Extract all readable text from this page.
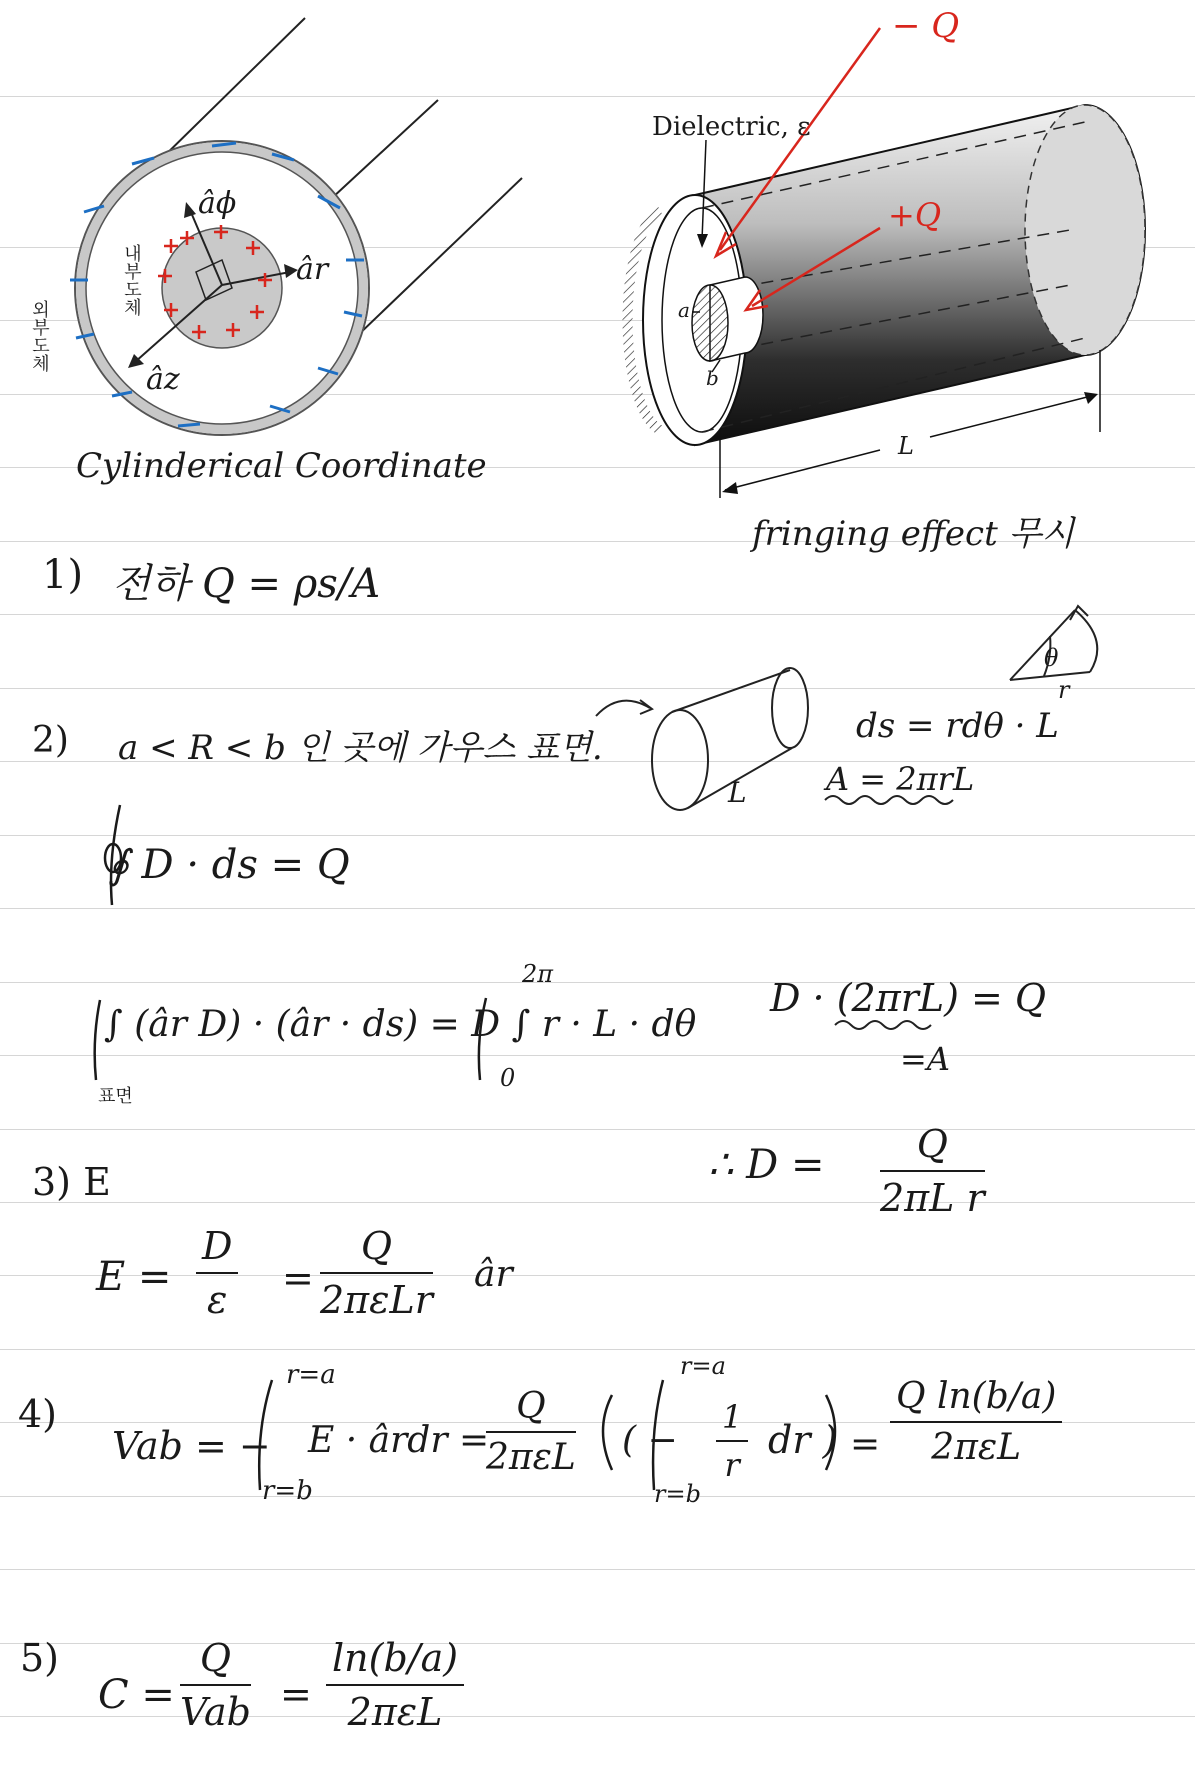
âϕ
âr
âz
내부도체
외부도체
Cylinderical Coordinate
Dielectric, ε
a
b
L
− Q
+Q
fringing effect 무시
1) 전하 Q = ρs/A
2) a < R < b 인 곳에 가우스 표면.
L
θ
r
ds = rdθ · L
A = 2πrL
∮ D · ds = Q
∫ (âr D) · (âr · ds) = D ∫ r · L · dθ
2π
0
표면
D · (2πrL) = Q
=A
∴ $D = \frac{Q}{\text{2πL r}}$
3) E
$E = \frac{D}{\varepsilon}$ =
Q
2πεLr
âr
4)
Vab = −
r=a
r=b
E · ârdr =
Q
2πεL ( −
r=a
r=b
$\frac{1}{r}$ dr ) =
Q ln(b/a)
2πεL
5)
C =
Q
Vab =
ln(b/a)
2πεL
